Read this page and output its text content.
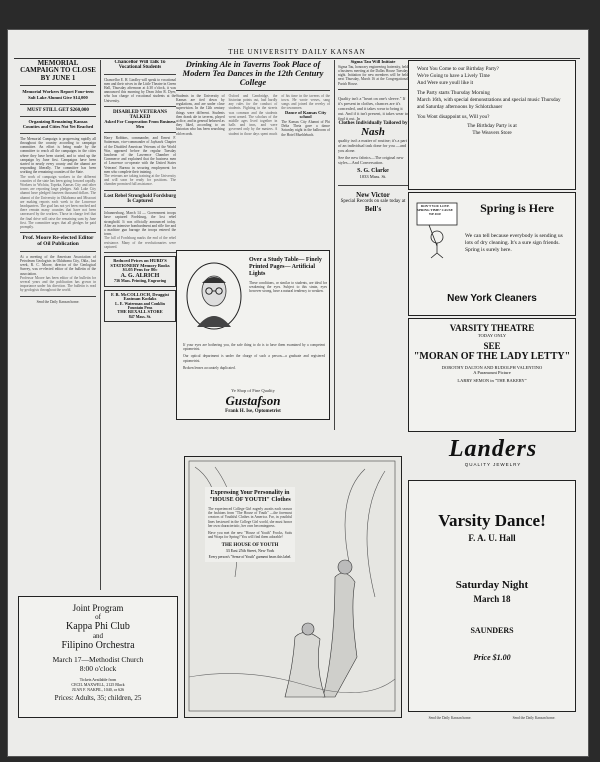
THE UNIVERSITY DAILY KANSAN
MEMORIAL CAMPAIGN TO CLOSE BY JUNE 1
Memorial Workers Report Four-teen Salt Lake Alumni Give $14,000
MUST STILL GET $260,000
Organizing Remaining Kansas Counties and Cities Not Yet Reached
The Memorial Campaign is progressing rapidly all throughout the country according to campaign committee. An effort is being made by the committee to reach all the campaigns in the cities where they have been started, and to wind up the campaign by June first. Campaigns have been started in nearly every county and the alumni are responding liberally. The committee has been working the remaining counties of the State.
The work of campaign workers in the different counties of the state has been going forward rapidly. Workers in Wichita, Topeka, Kansas City and other towns are reporting large pledges. Salt Lake City alumni have pledged fourteen thousand dollars. The alumni of the University in Oklahoma and Missouri are making reports each week to the Lawrence headquarters. The goal has not yet been reached and there remain many counties that have not been canvassed by the workers. Those in charge feel that the final drive will raise the remaining sum by June first. The committee urges that all pledges be paid promptly.
Prof. Moore Re-elected Editor of Oil Publication
At a meeting of the American Association of Petroleum Geologists in Oklahoma City, Okla., last week, R. C. Moore, director of the Geological Survey, was re-elected editor of the bulletin of the association.
Professor Moore has been editor of the bulletin for several years and the publication has grown in importance under his direction. The bulletin is read by geologists throughout the world.
Send the Daily Kansan home.
Chancellor Will Talk To Vocational Students
Chancellor E. H. Lindley will speak to vocational men and their wives in the Little Theatre in Green Hall, Thursday afternoon at 4:30 o'clock, it was announced this morning by Dean John R. Dyer, who has charge of vocational students at the University.
DISABLED VETERANS TALKED
Asked For Cooperation From Business Men
Harry Robbins, commander, and Ernest F. Sutterman, vice-commander of Jayhawk Chapter of the Disabled American Veterans of the World War, appeared before the regular Tuesday luncheon of the Lawrence Chamber of Commerce and explained that the business men of Lawrence co-operate with the United States Veterans' Bureau in securing employment for men who complete their training.
The veterans are taking training at the University and will soon be ready for positions. The chamber promised full assistance.
Lost Rebel Stronghold Fordsburg Is Captured
Johannesburg, March 14 — Government troops have captured Fordsburg, the lost rebel stronghold. It was officially announced today. After an intensive bombardment and rifle fire and a machine gun barrage the troops entered the town.
The fall of Fordsburg marks the end of the rebel resistance. Many of the revolutionaries were captured.
Reduced Prices on HURD'S STATIONERY Memory Books $1.05 Pens for 80c
A. G. ALRICH
736 Mass. Printing, Engraving
F. B. McCOLLOCH, Druggist
Eastman Kodaks
L. E. Waterman and Conklin Fountain Pens
THE REXALL STORE
847 Mass. St.
Drinking Ale in Taverns Took Place of Modern Tea Dances in the 12th Century College
Students in the University of Kansas are tied down by regulations, and are under close supervision. In the 12th century things were different. Students then drank ale in taverns, played at dice, and in general behaved as they liked, according to an historian who has been searching old records.
Oxford and Cambridge, the historian points out, had hardly any rules for the conduct of students. Fighting in the streets was common and the students went armed. The scholars of the middle ages lived together in halls and inns, and were governed only by the masters. A student in those days spent much of his time in the taverns of the town. He wrote verses, sang songs and joined the revelry of the townsmen.
Dance of Kansas City school
The Kansas City Alumni of Phi Delta Theta gave a dance Saturday night in the ballroom of the Hotel Muehlebach.
Over a Study Table— Finely Printed Pages— Artificial Lights
These conditions, or similar to students, are ideal for weakening the eyes. Subject to this strain, eyes however strong, have a natural tendency to weaken.
If your eyes are bothering you, the safe thing to do is to have them examined by a competent optometrist.
Our optical department is under the charge of such a person—a graduate and registered optometrist.
Broken lenses accurately duplicated.
Ye Shop of Fine Quality
Gustafson
Frank H. Ise, Optometrist
Sigma Tau Will Initiate
Sigma Tau, honorary engineering fraternity, held a business meeting at the Dallas House Tuesday night. Initiation for new members will be held next Thursday, March 16 at the Congregational Parish House.
Quality isn't a "heart on one's sleeve." If it's present in clothes, chances are it's concealed, and it takes wear to bring it out. And if it isn't present, it takes wear to find it out. In
Clothes Individually Tailored by
Nash
quality isn't a matter of routine; it's a part of an individual task done for you —and you alone.
See the new fabrics—The original new styles—And Conversation.
S. G. Clarke
1033 Mass. St.
New Victor
Special Records on sale today at
Bell's
Wont You Come to our Birthday Party?
We're Going to have a Lively Time
And Were sure youll like it
The Party starts Thursday Morning
March 16th, with special demonstrations and special music Thursday and Saturday afternoons by Schlotzhauer
You Wont disappoint us, Will you?
The Birthday Party is at
The Weavers Store
DON'T YOU LOVE SPRING TIME? CAUSE WE DO!	Spring is Here
We can tell because everybody is sending us lots of dry cleaning. It's a sure sign friends. Spring is surely here.
New York Cleaners
VARSITY THEATRE
TODAY ONLY
SEE
"MORAN OF THE LADY LETTY"
DOROTHY DALTON AND RUDOLPH VALENTINO
A Paramount Picture
LARRY SEMON in "THE BAKERY"
Landers
QUALITY JEWELRY
Varsity Dance!
F. A. U. Hall
Saturday Night
March 18
SAUNDERS
Price $1.00
Send the Daily Kansan home.	Send the Daily Kansan home.
Joint Program
of
Kappa Phi Club
and
Filipino Orchestra
March 17—Methodist Church
8:00 o'clock
Tickets Available from
CECIL MAXWELL, 2125 Black
JUAN F. NAKPIL, 1040, or 626
Prices: Adults, 35; children, 25
Expressing Your Personality in "HOUSE OF YOUTH" Clothes
The experienced College Girl eagerly awaits each season the fashions from "The House of Youth" —the foremost creators of Youthful Clothes in America. For, in youthful lines bestowed in the College Girl world, she must honor her own characteristic, her own becomingness.
Have you met the new "House of Youth" Frocks, Suits and Wraps for Spring? You will find them adorable!
THE HOUSE OF YOUTH
33 East 25th Street, New York
Every person's "Sense of Youth" garment bears this label.
